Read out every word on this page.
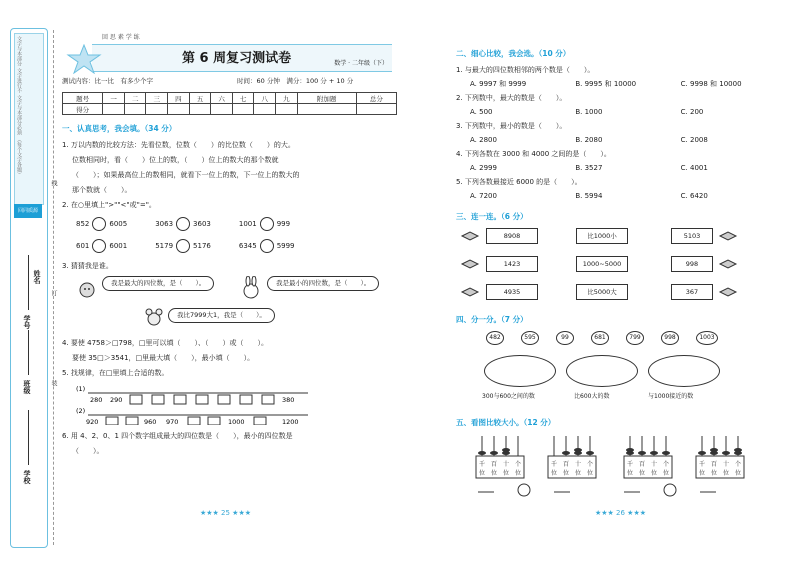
文字与本部分
文字进行不
文字与本部分必须
（每个文字各题）
回同质源
学校
班级
学号
姓名
线
订
装
回 思 素 学 练
第 6 周复习测试卷	数学 · 二年级（下）
测试内容：比一比　有多少个字	时间：60 分钟　满分：100 分 + 10 分
题号	一	二	三	四	五	六	七	八	九	附加题	总分
得分											
一、认真思考，我会填。（34 分）

1. 万以内数的比较方法：先看位数，位数（　　）的比位数（　　）的大。

位数相同时，看（　　）位上的数，（　　）位上的数大的那个数就

（　　）；如果最高位上的数相同，就看下一位上的数，下一位上的数大的

那个数就（　　）。

2. 在○里填上">""<"或"="。

852	6005	3063	3603	1001	999
601	6001	5179	5176	6345	5999

3. 猜猜我是谁。

我是最大的四位数，是（　　）。	我是最小的四位数，是（　　）。
我比7999大1，我是（　　）。

4. 要使 4758＞□798，□里可以填（　　）、（　　）或（　　）。

要使 35□＞3541，□里最大填（　　），最小填（　　）。

5. 找规律，在□里填上合适的数。

(1)
280 290	380
(2)
920	960 970	1000	1200

6. 用 4、2、0、1 四个数字组成最大的四位数是（　　），最小的四位数是

（　　）。

★★★ 25 ★★★
二、细心比较，我会选。（10 分）
1. 与最大的四位数相邻的两个数是（　　）。
A. 9997 和 9999	B. 9995 和 10000	C. 9998 和 10000
2. 下列数中，最大的数是（　　）。
A. 500	B. 1000	C. 200
3. 下列数中，最小的数是（　　）。
A. 2800	B. 2080	C. 2008
4. 下列各数在 3000 和 4000 之间的是（　　）。
A. 2999	B. 3527	C. 4001
5. 下列各数最接近 6000 的是（　　）。
A. 7200	B. 5994	C. 6420
三、连一连。（6 分）
8908
1423
4935
比1000小
1000~5000
比5000大
5103
998
367
四、分一分。（7 分）
482	595	99	681	799	998	1003
300与600之间的数	比600大的数	与1000接近的数
五、看图比较大小。（12 分）
千 百 十 个
位 位 位 位
千 百 十 个
位 位 位 位
千 百 十 个
位 位 位 位
千 百 十 个
位 位 位 位
★★★ 26 ★★★
